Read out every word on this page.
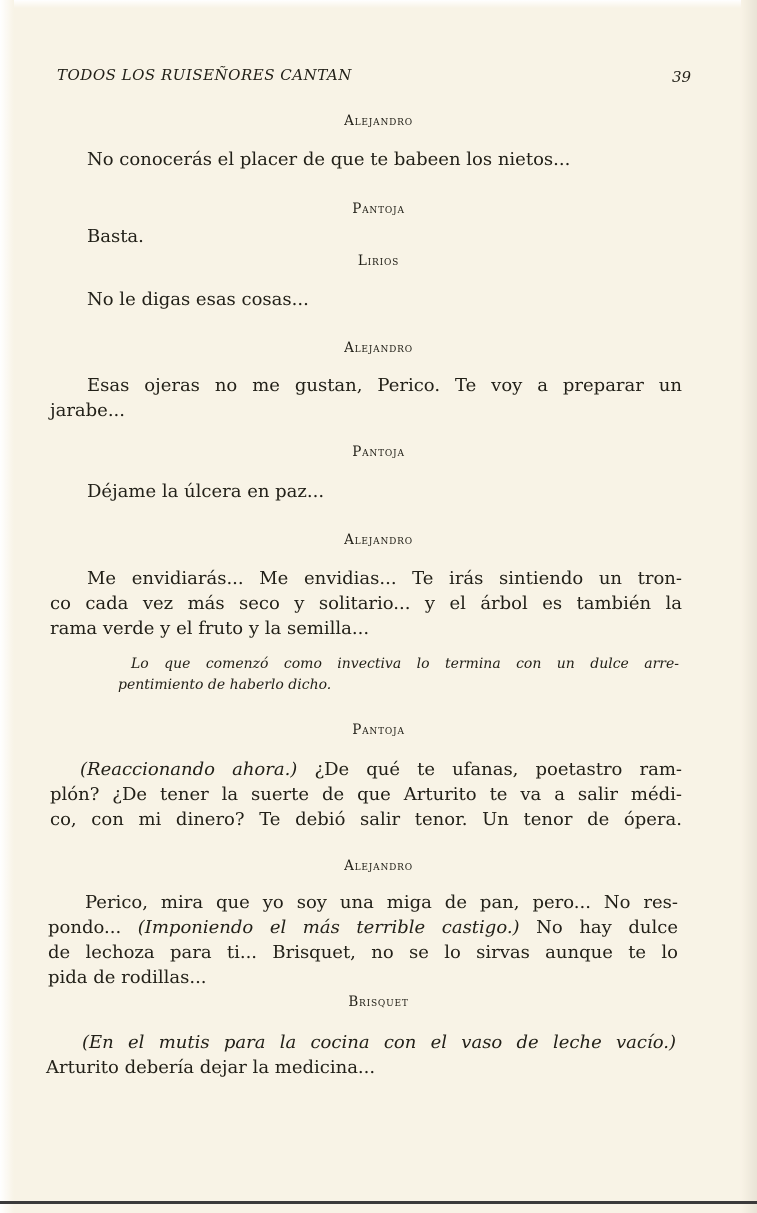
TODOS LOS RUISEÑORES CANTAN	39
Alejandro
No conocerás el placer de que te babeen los nietos...
Pantoja
Basta.
Lirios
No le digas esas cosas...
Alejandro
Esas ojeras no me gustan, Perico. Te voy a preparar un
jarabe...
Pantoja
Déjame la úlcera en paz...
Alejandro
Me envidiarás... Me envidias... Te irás sintiendo un tron-
co cada vez más seco y solitario... y el árbol es también la
rama verde y el fruto y la semilla...
Lo que comenzó como invectiva lo termina con un dulce arre-
pentimiento de haberlo dicho.
Pantoja
(Reaccionando ahora.) ¿De qué te ufanas, poetastro ram-
plón? ¿De tener la suerte de que Arturito te va a salir médi-
co, con mi dinero? Te debió salir tenor. Un tenor de ópera.
Alejandro
Perico, mira que yo soy una miga de pan, pero... No res-
pondo... (Imponiendo el más terrible castigo.) No hay dulce
de lechoza para ti... Brisquet, no se lo sirvas aunque te lo
pida de rodillas...
Brisquet
(En el mutis para la cocina con el vaso de leche vacío.)
Arturito debería dejar la medicina...
